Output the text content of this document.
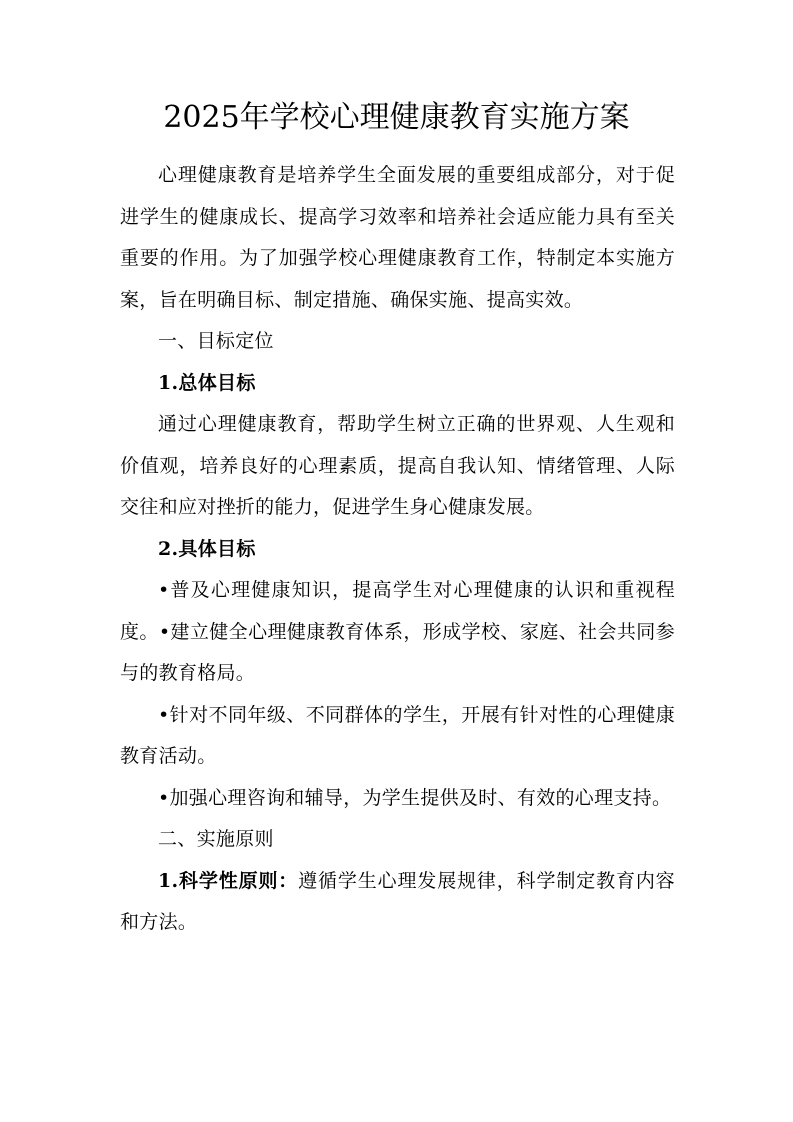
2025年学校心理健康教育实施方案

心理健康教育是培养学生全面发展的重要组成部分，对于促进学生的健康成长、提高学习效率和培养社会适应能力具有至关重要的作用。为了加强学校心理健康教育工作，特制定本实施方案，旨在明确目标、制定措施、确保实施、提高实效。

一、目标定位

1.总体目标

通过心理健康教育，帮助学生树立正确的世界观、人生观和价值观，培养良好的心理素质，提高自我认知、情绪管理、人际交往和应对挫折的能力，促进学生身心健康发展。

2.具体目标

•普及心理健康知识，提高学生对心理健康的认识和重视程度。•建立健全心理健康教育体系，形成学校、家庭、社会共同参与的教育格局。

•针对不同年级、不同群体的学生，开展有针对性的心理健康教育活动。

•加强心理咨询和辅导，为学生提供及时、有效的心理支持。

二、实施原则

1.科学性原则：遵循学生心理发展规律，科学制定教育内容和方法。
